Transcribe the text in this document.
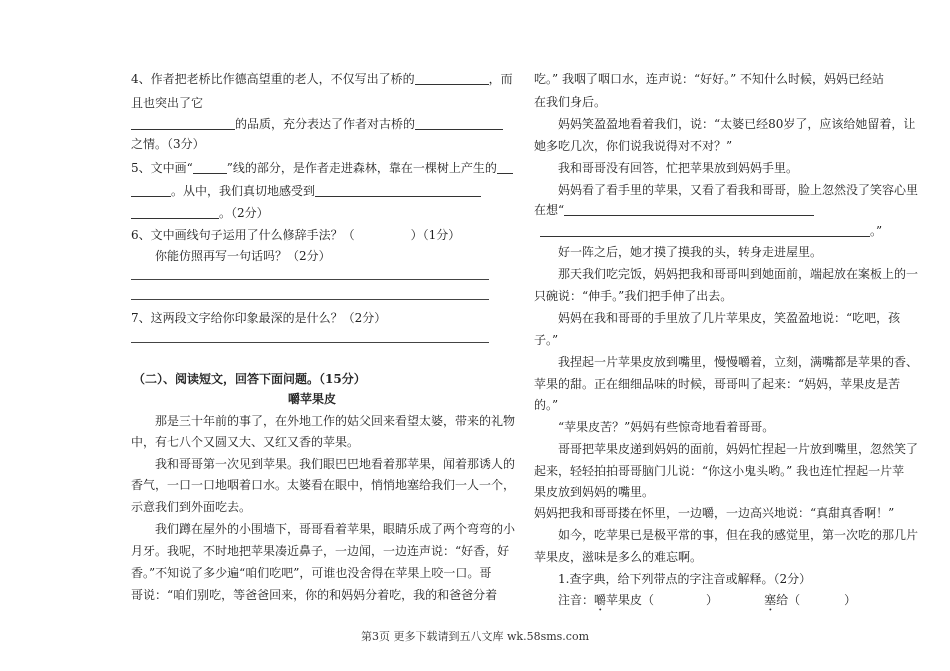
4、作者把老桥比作德高望重的老人，不仅写出了桥的	，而
且也突出了它
的品质，充分表达了作者对古桥的
之情。（3分）
5、文中画“	”线的部分，是作者走进森林，靠在一棵树上产生的
。从中，我们真切地感受到
。（2分）
6、文中画线句子运用了什么修辞手法？（	）（1分）
你能仿照再写一句话吗？（2分）
7、这两段文字给你印象最深的是什么？（2分）
（二）、阅读短文，回答下面问题。（15分）
嚼苹果皮
那是三十年前的事了，在外地工作的姑父回来看望太婆，带来的礼物
中，有七八个又圆又大、又红又香的苹果。
我和哥哥第一次见到苹果。我们眼巴巴地看着那苹果，闻着那诱人的
香气，一口一口地咽着口水。太婆看在眼中，悄悄地塞给我们一人一个，
示意我们到外面吃去。
我们蹲在屋外的小围墙下，哥哥看着苹果，眼睛乐成了两个弯弯的小
月牙。我呢，不时地把苹果凑近鼻子，一边闻，一边连声说：“好香，好
香。”不知说了多少遍“咱们吃吧”，可谁也没舍得在苹果上咬一口。哥
哥说：“咱们别吃，等爸爸回来，你的和妈妈分着吃，我的和爸爸分着
吃。” 我咽了咽口水，连声说：“好好。” 不知什么时候，妈妈已经站
在我们身后。
妈妈笑盈盈地看着我们，说：“太婆已经80岁了，应该给她留着，让
她多吃几次，你们说我说得对不对？”
我和哥哥没有回答，忙把苹果放到妈妈手里。
妈妈看了看手里的苹果，又看了看我和哥哥，脸上忽然没了笑容心里
在想“
。”
好一阵之后，她才摸了摸我的头，转身走进屋里。
那天我们吃完饭，妈妈把我和哥哥叫到她面前，端起放在案板上的一
只碗说：“伸手。”我们把手伸了出去。
妈妈在我和哥哥的手里放了几片苹果皮，笑盈盈地说：“吃吧，孩
子。”
我捏起一片苹果皮放到嘴里，慢慢嚼着，立刻，满嘴都是苹果的香、
苹果的甜。正在细细品味的时候，哥哥叫了起来：“妈妈，苹果皮是苦
的。”
“苹果皮苦？”妈妈有些惊奇地看着哥哥。
哥哥把苹果皮递到妈妈的面前，妈妈忙捏起一片放到嘴里，忽然笑了
起来，轻轻拍拍哥哥脑门儿说：“你这小鬼头哟。” 我也连忙捏起一片苹
果皮放到妈妈的嘴里。
妈妈把我和哥哥搂在怀里，一边嚼，一边高兴地说：“真甜真香啊！”
如今，吃苹果已是极平常的事，但在我的感觉里，第一次吃的那几片
苹果皮，滋味是多么的难忘啊。
1.查字典，给下列带点的字注音或解释。（2分）
注音：嚼苹果皮（	）	塞给（	）
第3页 更多下载请到五八文库 wk.58sms.com
